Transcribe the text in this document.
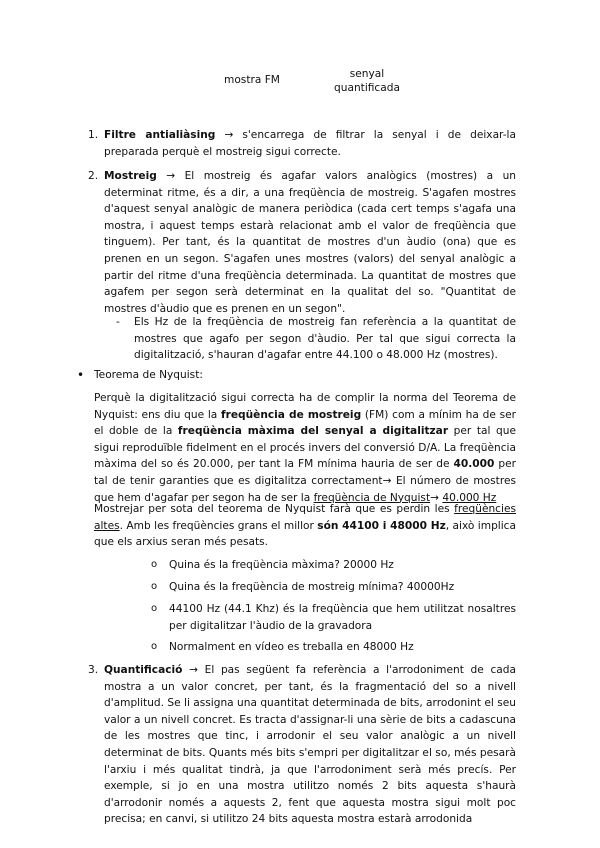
mostra FM	senyal quantificada
1. Filtre antialiàsing → s'encarrega de filtrar la senyal i de deixar-la preparada perquè el mostreig sigui correcte.
2. Mostreig → El mostreig és agafar valors analògics (mostres) a un determinat ritme, és a dir, a una freqüència de mostreig. S'agafen mostres d'aquest senyal analògic de manera periòdica (cada cert temps s'agafa una mostra, i aquest temps estarà relacionat amb el valor de freqüència que tinguem). Per tant, és la quantitat de mostres d'un àudio (ona) que es prenen en un segon. S'agafen unes mostres (valors) del senyal analògic a partir del ritme d'una freqüència determinada. La quantitat de mostres que agafem per segon serà determinat en la qualitat del so. "Quantitat de mostres d'àudio que es prenen en un segon".
- Els Hz de la freqüència de mostreig fan referència a la quantitat de mostres que agafo per segon d'àudio. Per tal que sigui correcta la digitalització, s'hauran d'agafar entre 44.100 o 48.000 Hz (mostres).
• Teorema de Nyquist:
Perquè la digitalització sigui correcta ha de complir la norma del Teorema de Nyquist: ens diu que la freqüència de mostreig (FM) com a mínim ha de ser el doble de la freqüència màxima del senyal a digitalitzar per tal que sigui reproduïble fidelment en el procés invers del conversió D/A. La freqüència màxima del so és 20.000, per tant la FM mínima hauria de ser de 40.000 per tal de tenir garanties que es digitalitza correctament→ El número de mostres que hem d'agafar per segon ha de ser la freqüència de Nyquist→ 40.000 Hz
Mostrejar per sota del teorema de Nyquist farà que es perdin les freqüències altes. Amb les freqüències grans el millor són 44100 i 48000 Hz, això implica que els arxius seran més pesats.
o Quina és la freqüència màxima? 20000 Hz
o Quina és la freqüència de mostreig mínima? 40000Hz
o 44100 Hz (44.1 Khz) és la freqüència que hem utilitzat nosaltres per digitalitzar l'àudio de la gravadora
o Normalment en vídeo es treballa en 48000 Hz
3. Quantificació → El pas següent fa referència a l'arrodoniment de cada mostra a un valor concret, per tant, és la fragmentació del so a nivell d'amplitud. Se li assigna una quantitat determinada de bits, arrodonint el seu valor a un nivell concret. Es tracta d'assignar-li una sèrie de bits a cadascuna de les mostres que tinc, i arrodonir el seu valor analògic a un nivell determinat de bits. Quants més bits s'empri per digitalitzar el so, més pesarà l'arxiu i més qualitat tindrà, ja que l'arrodoniment serà més precís. Per exemple, si jo en una mostra utilitzo només 2 bits aquesta s'haurà d'arrodonir només a aquests 2, fent que aquesta mostra sigui molt poc precisa; en canvi, si utilitzo 24 bits aquesta mostra estarà arrodonida
